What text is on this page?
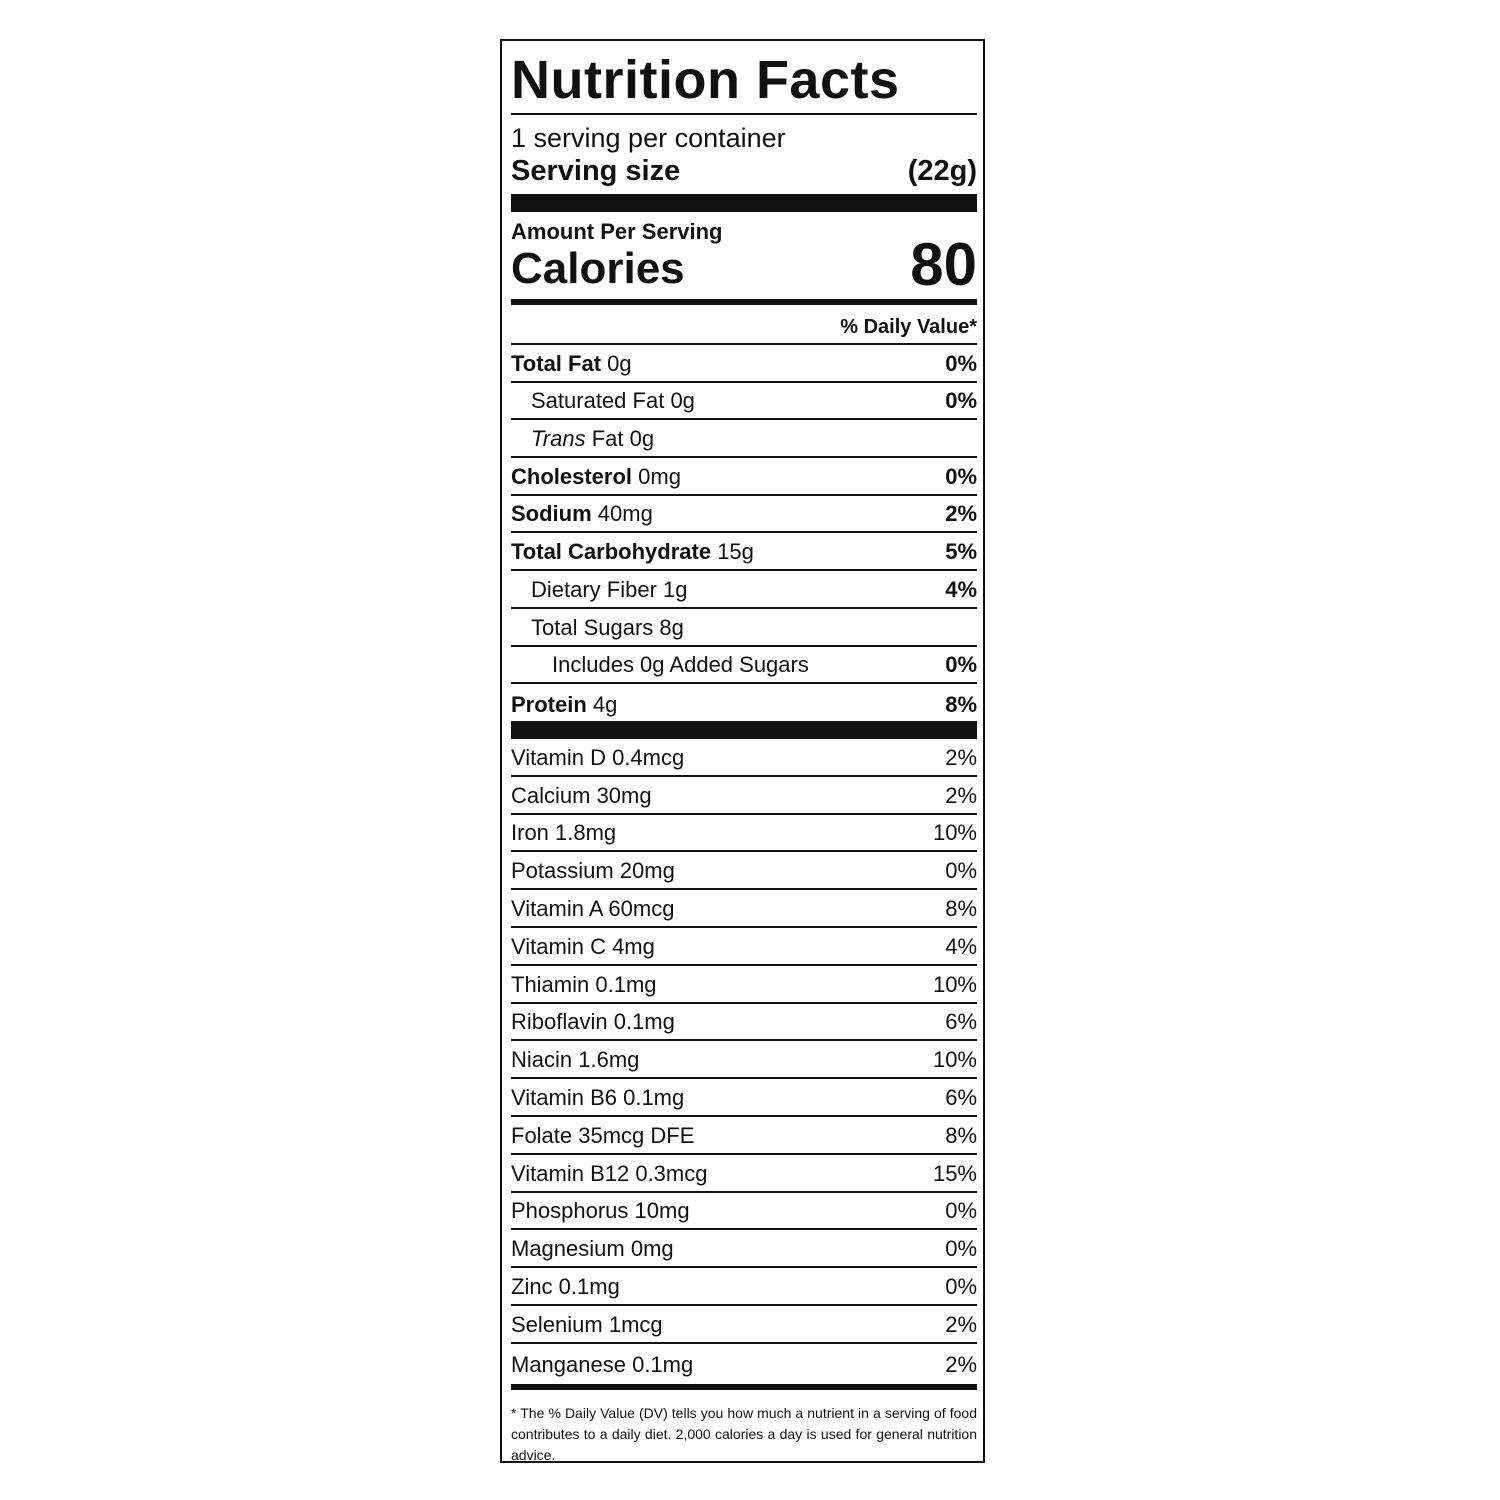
Nutrition Facts
1 serving per container
Serving size	(22g)
Amount Per Serving
Calories	80
% Daily Value*
Total Fat 0g	0%
Saturated Fat 0g	0%
Trans Fat 0g
Cholesterol 0mg	0%
Sodium 40mg	2%
Total Carbohydrate 15g	5%
Dietary Fiber 1g	4%
Total Sugars 8g
Includes 0g Added Sugars	0%
Protein 4g	8%
Vitamin D 0.4mcg	2%
Calcium 30mg	2%
Iron 1.8mg	10%
Potassium 20mg	0%
Vitamin A 60mcg	8%
Vitamin C 4mg	4%
Thiamin 0.1mg	10%
Riboflavin 0.1mg	6%
Niacin 1.6mg	10%
Vitamin B6 0.1mg	6%
Folate 35mcg DFE	8%
Vitamin B12 0.3mcg	15%
Phosphorus 10mg	0%
Magnesium 0mg	0%
Zinc 0.1mg	0%
Selenium 1mcg	2%
Manganese 0.1mg	2%
* The % Daily Value (DV) tells you how much a nutrient in a serving of food contributes to a daily diet. 2,000 calories a day is used for general nutrition advice.
